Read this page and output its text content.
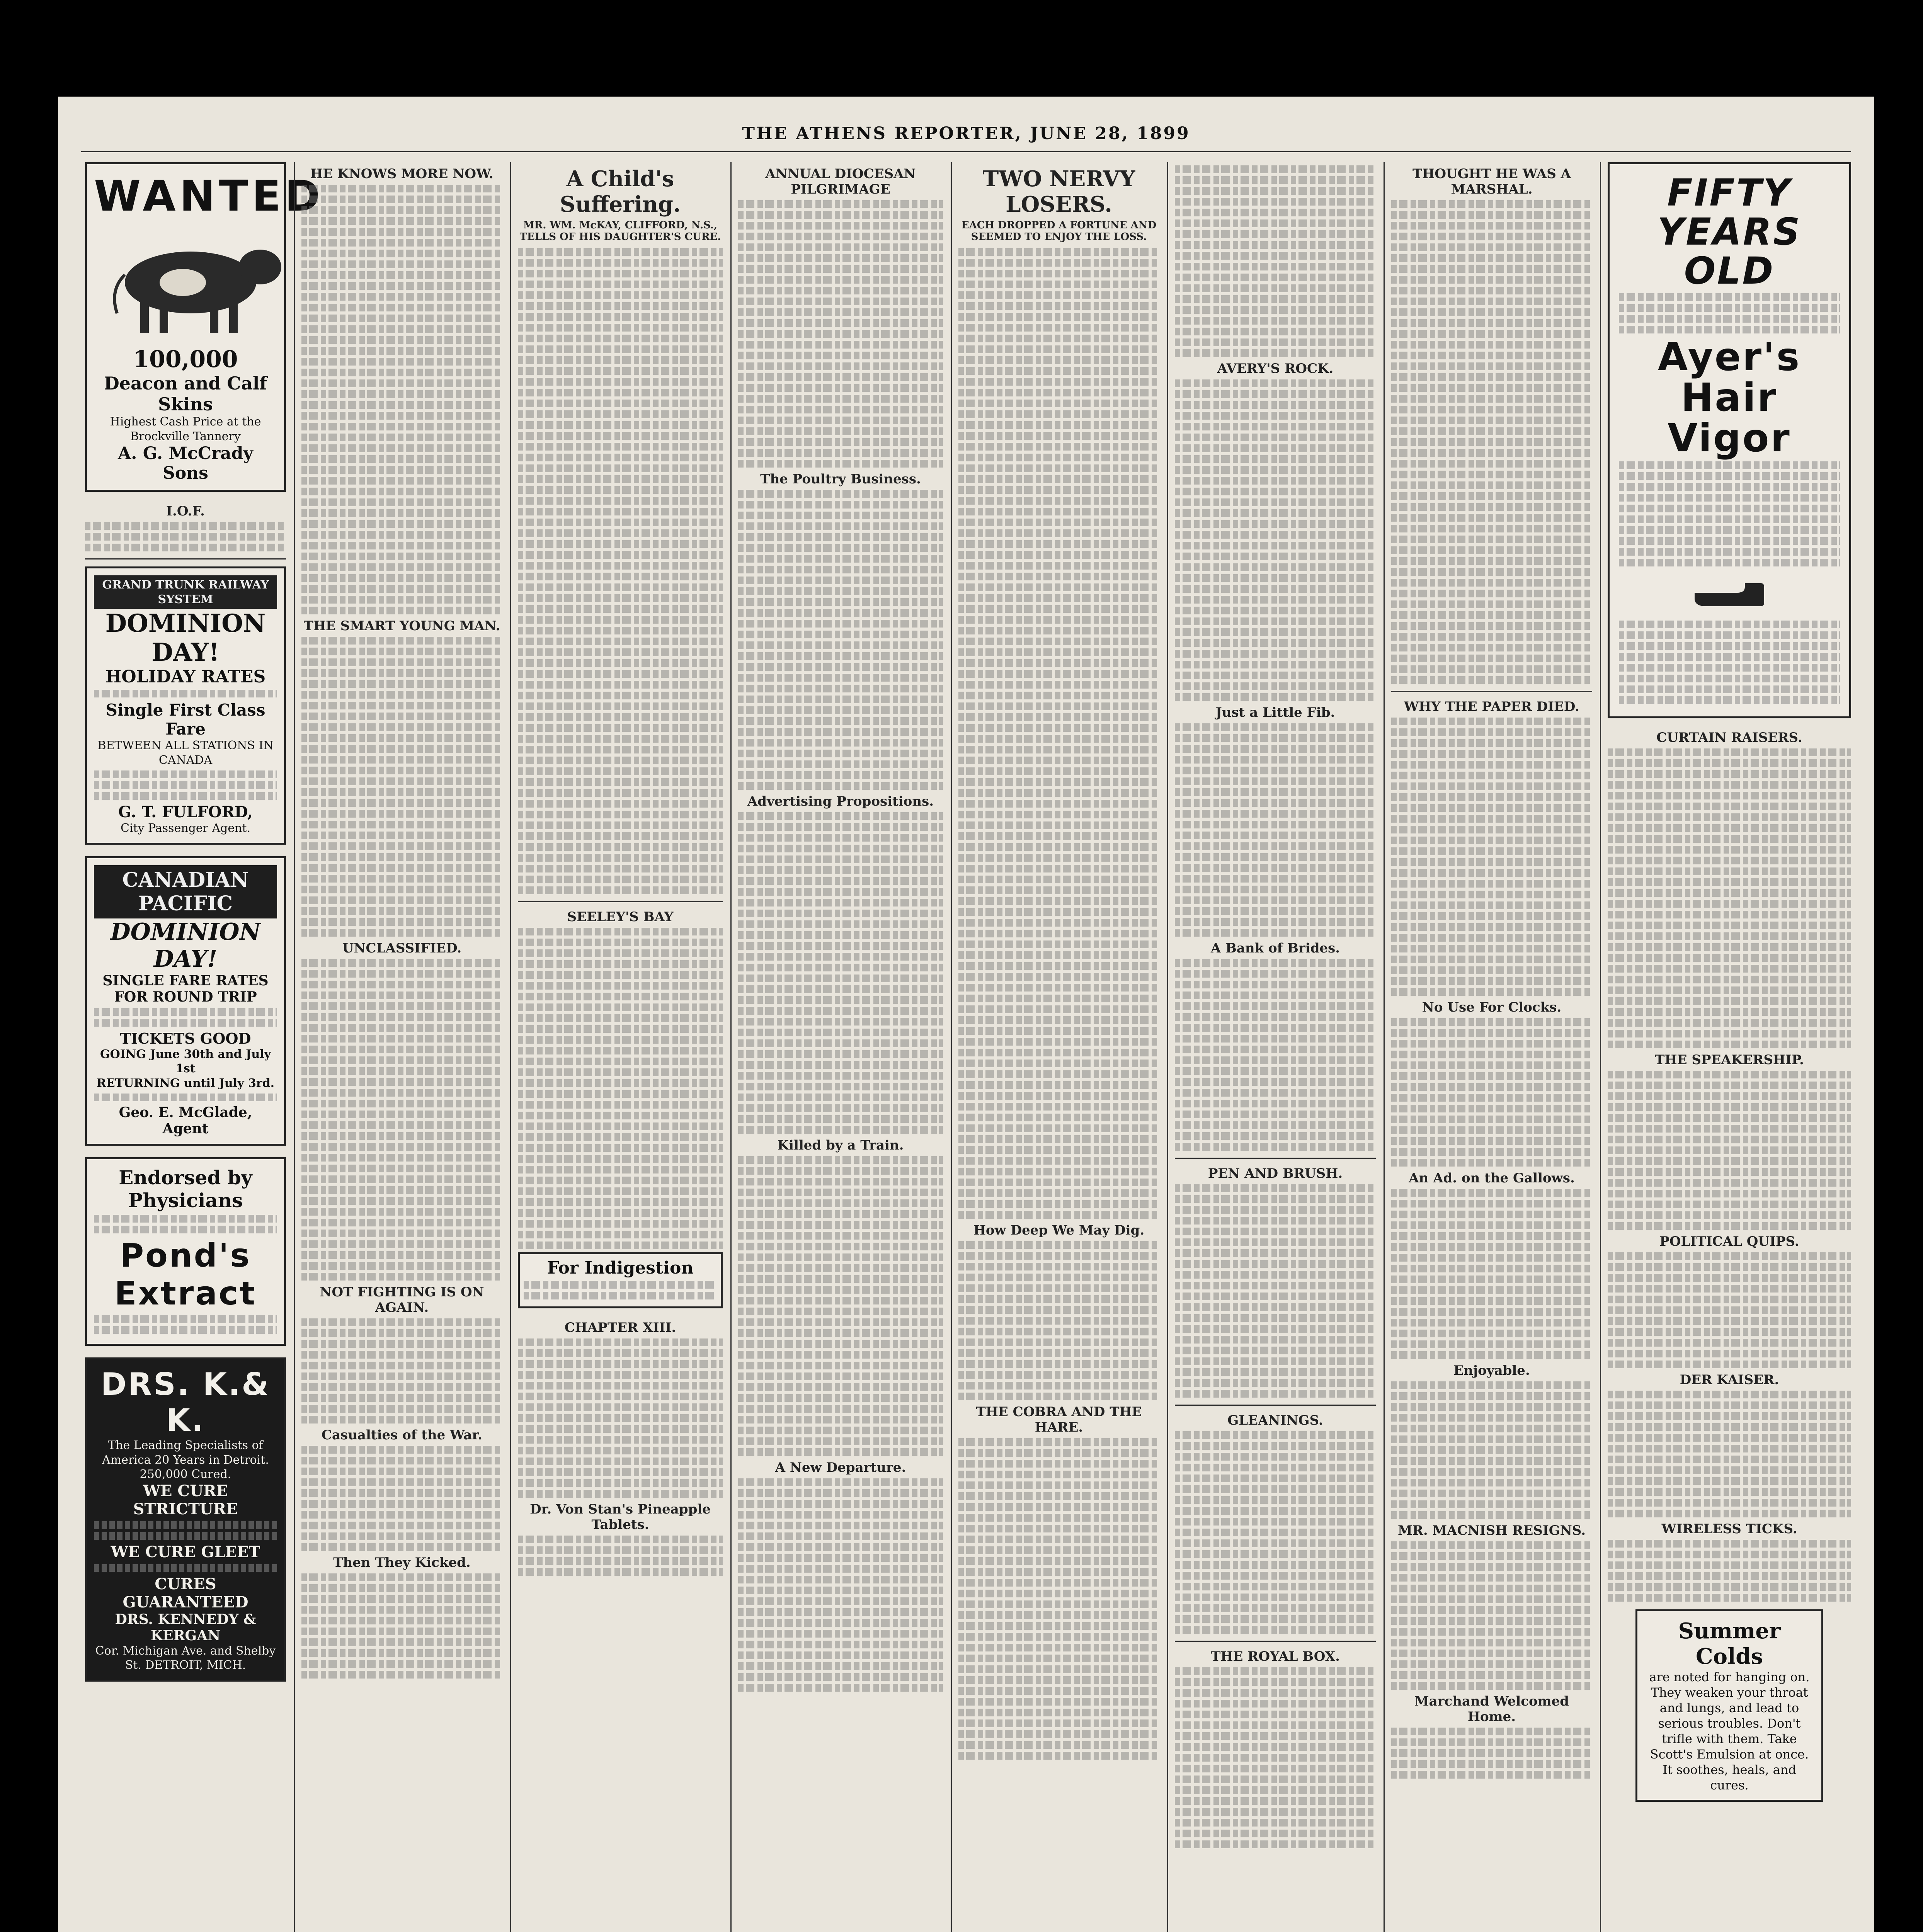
THE ATHENS REPORTER, JUNE 28, 1899
WANTED
100,000
Deacon and Calf Skins
Highest Cash Price at the Brockville Tannery
A. G. McCrady Sons
I.O.F.
GRAND TRUNK RAILWAY SYSTEM
DOMINION DAY!
HOLIDAY RATES
Single First Class Fare
BETWEEN ALL STATIONS IN CANADA
G. T. FULFORD,
City Passenger Agent.
CANADIAN PACIFIC
DOMINION DAY!
SINGLE FARE RATES FOR ROUND TRIP
TICKETS GOOD
GOING June 30th and July 1st
RETURNING until July 3rd.
Geo. E. McGlade, Agent
Endorsed by Physicians
Pond's Extract
DRS. K.& K.
The Leading Specialists of America 20 Years in Detroit. 250,000 Cured.
WE CURE STRICTURE
WE CURE GLEET
CURES GUARANTEED
DRS. KENNEDY & KERGAN
Cor. Michigan Ave. and Shelby St. DETROIT, MICH.
HE KNOWS MORE NOW.
THE SMART YOUNG MAN.
UNCLASSIFIED.
NOT FIGHTING IS ON AGAIN.
Casualties of the War.
Then They Kicked.
A Child's Suffering.
MR. WM. McKAY, CLIFFORD, N.S., TELLS OF HIS DAUGHTER'S CURE.
SEELEY'S BAY
For Indigestion
CHAPTER XIII.
Dr. Von Stan's Pineapple Tablets.
ANNUAL DIOCESAN PILGRIMAGE
The Poultry Business.
Advertising Propositions.
Killed by a Train.
A New Departure.
TWO NERVY LOSERS.
EACH DROPPED A FORTUNE AND SEEMED TO ENJOY THE LOSS.
How Deep We May Dig.
THE COBRA AND THE HARE.
AVERY'S ROCK.
Just a Little Fib.
A Bank of Brides.
PEN AND BRUSH.
GLEANINGS.
THE ROYAL BOX.
THOUGHT HE WAS A MARSHAL.
WHY THE PAPER DIED.
No Use For Clocks.
An Ad. on the Gallows.
Enjoyable.
MR. MACNISH RESIGNS.
Marchand Welcomed Home.
FIFTY YEARS OLD
Ayer's Hair Vigor
CURTAIN RAISERS.
THE SPEAKERSHIP.
POLITICAL QUIPS.
DER KAISER.
WIRELESS TICKS.
Summer Colds
are noted for hanging on. They weaken your throat and lungs, and lead to serious troubles. Don't trifle with them. Take Scott's Emulsion at once. It soothes, heals, and cures.
